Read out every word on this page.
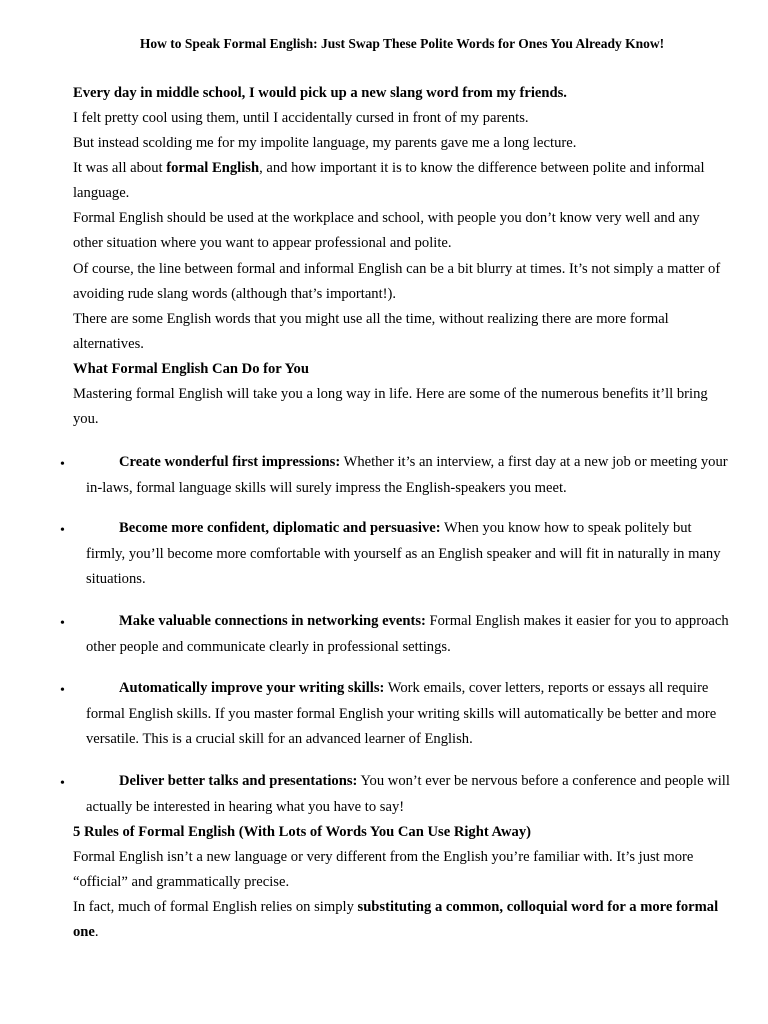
How to Speak Formal English: Just Swap These Polite Words for Ones You Already Know!
Every day in middle school, I would pick up a new slang word from my friends.
I felt pretty cool using them, until I accidentally cursed in front of my parents.
But instead scolding me for my impolite language, my parents gave me a long lecture.
It was all about formal English, and how important it is to know the difference between polite and informal language.
Formal English should be used at the workplace and school, with people you don’t know very well and any other situation where you want to appear professional and polite.
Of course, the line between formal and informal English can be a bit blurry at times. It’s not simply a matter of avoiding rude slang words (although that’s important!).
There are some English words that you might use all the time, without realizing there are more formal alternatives.
What Formal English Can Do for You
Mastering formal English will take you a long way in life. Here are some of the numerous benefits it’ll bring you.
•	Create wonderful first impressions: Whether it’s an interview, a first day at a new job or meeting your in-laws, formal language skills will surely impress the English-speakers you meet.
•	Become more confident, diplomatic and persuasive: When you know how to speak politely but firmly, you’ll become more comfortable with yourself as an English speaker and will fit in naturally in many situations.
•	Make valuable connections in networking events: Formal English makes it easier for you to approach other people and communicate clearly in professional settings.
•	Automatically improve your writing skills: Work emails, cover letters, reports or essays all require formal English skills. If you master formal English your writing skills will automatically be better and more versatile. This is a crucial skill for an advanced learner of English.
•	Deliver better talks and presentations: You won’t ever be nervous before a conference and people will actually be interested in hearing what you have to say!
5 Rules of Formal English (With Lots of Words You Can Use Right Away)
Formal English isn’t a new language or very different from the English you’re familiar with. It’s just more “official” and grammatically precise.
In fact, much of formal English relies on simply substituting a common, colloquial word for a more formal one.
